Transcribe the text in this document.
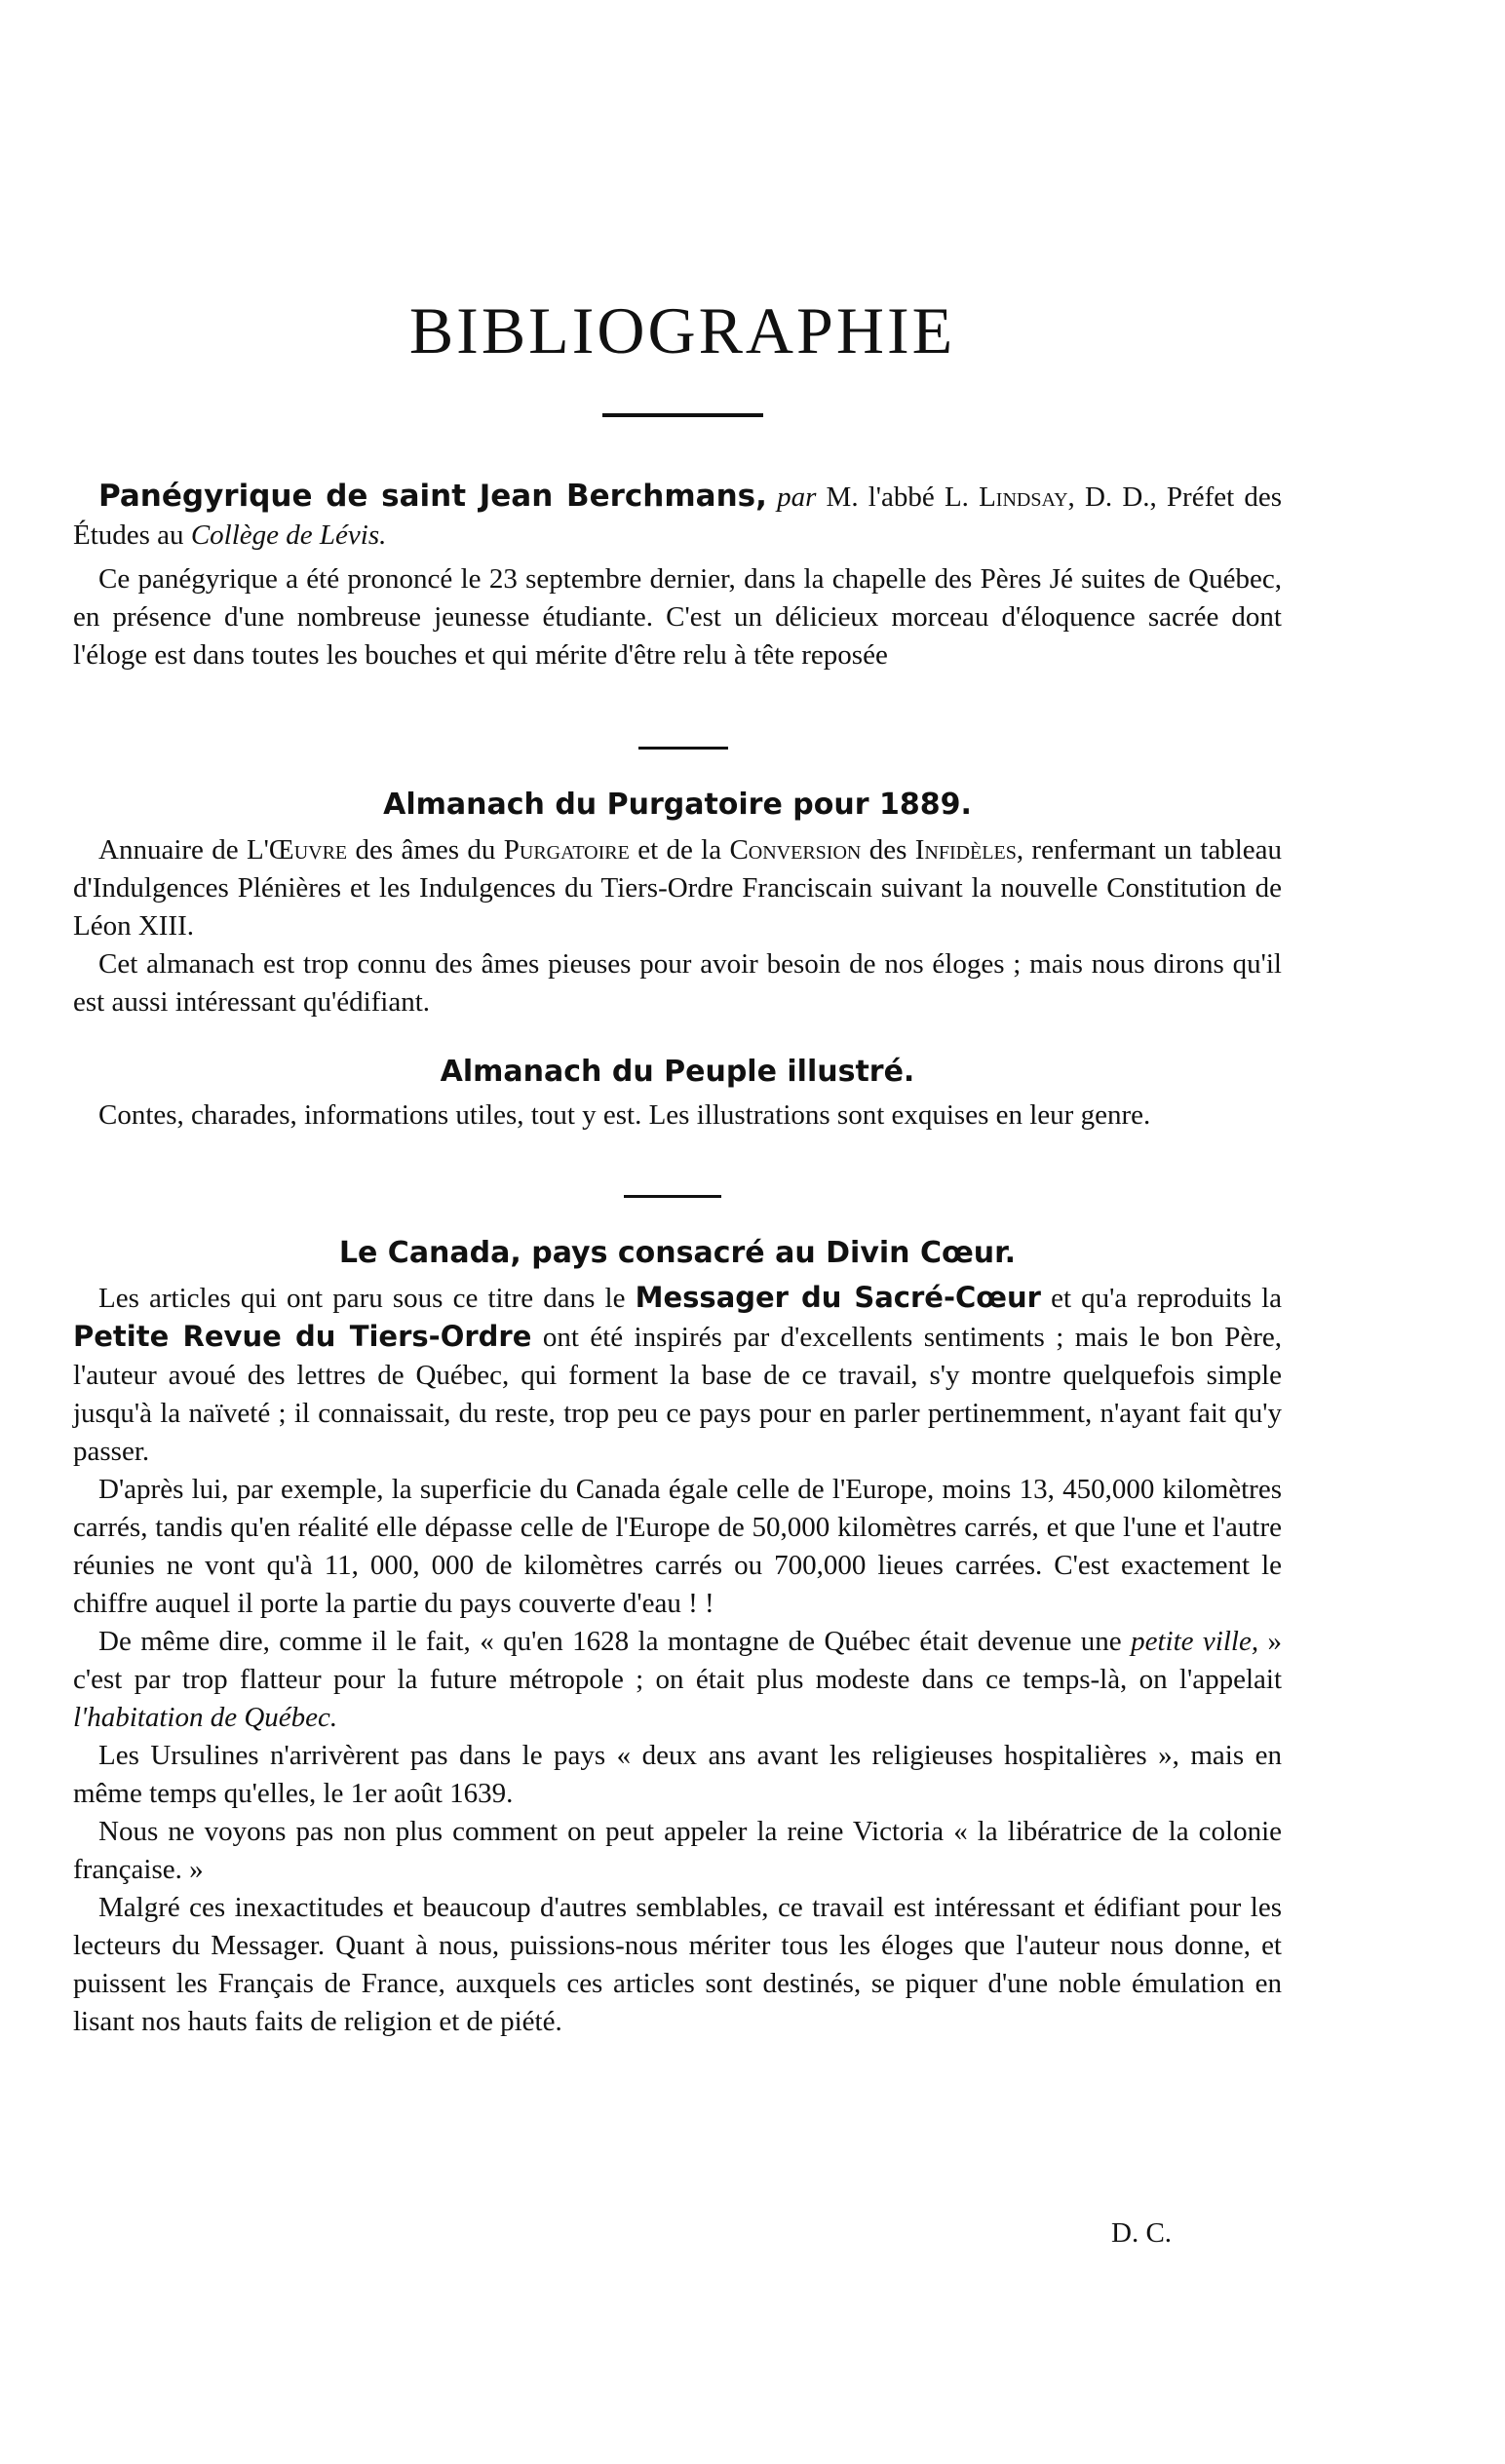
BIBLIOGRAPHIE

Panégyrique de saint Jean Berchmans, par M. l'abbé L. Lindsay, D. D., Préfet des Études au Collège de Lévis.

Ce panégyrique a été prononcé le 23 septembre dernier, dans la chapelle des Pères Jé suites de Québec, en présence d'une nombreuse jeunesse étudiante. C'est un délicieux morceau d'éloquence sacrée dont l'éloge est dans toutes les bouches et qui mérite d'être relu à tête reposée

Almanach du Purgatoire pour 1889.

Annuaire de L'Œuvre des âmes du Purgatoire et de la Conversion des Infidèles, renfermant un tableau d'Indulgences Plénières et les Indulgences du Tiers-Ordre Franciscain suivant la nouvelle Constitution de Léon XIII.

Cet almanach est trop connu des âmes pieuses pour avoir besoin de nos éloges ; mais nous dirons qu'il est aussi intéressant qu'édifiant.

Almanach du Peuple illustré.

Contes, charades, informations utiles, tout y est. Les illustrations sont exquises en leur genre.

Le Canada, pays consacré au Divin Cœur.

Les articles qui ont paru sous ce titre dans le Messager du Sacré-Cœur et qu'a reproduits la Petite Revue du Tiers-Ordre ont été inspirés par d'excellents sentiments ; mais le bon Père, l'auteur avoué des lettres de Québec, qui forment la base de ce travail, s'y montre quelquefois simple jusqu'à la naïveté ; il connaissait, du reste, trop peu ce pays pour en parler pertinemment, n'ayant fait qu'y passer.

D'après lui, par exemple, la superficie du Canada égale celle de l'Europe, moins 13, 450,000 kilomètres carrés, tandis qu'en réalité elle dépasse celle de l'Europe de 50,000 kilomètres carrés, et que l'une et l'autre réunies ne vont qu'à 11, 000, 000 de kilomètres carrés ou 700,000 lieues carrées. C'est exactement le chiffre auquel il porte la partie du pays couverte d'eau ! !

De même dire, comme il le fait, « qu'en 1628 la montagne de Québec était devenue une petite ville, » c'est par trop flatteur pour la future métropole ; on était plus modeste dans ce temps-là, on l'appelait l'habitation de Québec.

Les Ursulines n'arrivèrent pas dans le pays « deux ans avant les religieuses hospitalières », mais en même temps qu'elles, le 1er août 1639.

Nous ne voyons pas non plus comment on peut appeler la reine Victoria « la libératrice de la colonie française. »

Malgré ces inexactitudes et beaucoup d'autres semblables, ce travail est intéressant et édifiant pour les lecteurs du Messager. Quant à nous, puissions-nous mériter tous les éloges que l'auteur nous donne, et puissent les Français de France, auxquels ces articles sont destinés, se piquer d'une noble émulation en lisant nos hauts faits de religion et de piété.

D. C.
